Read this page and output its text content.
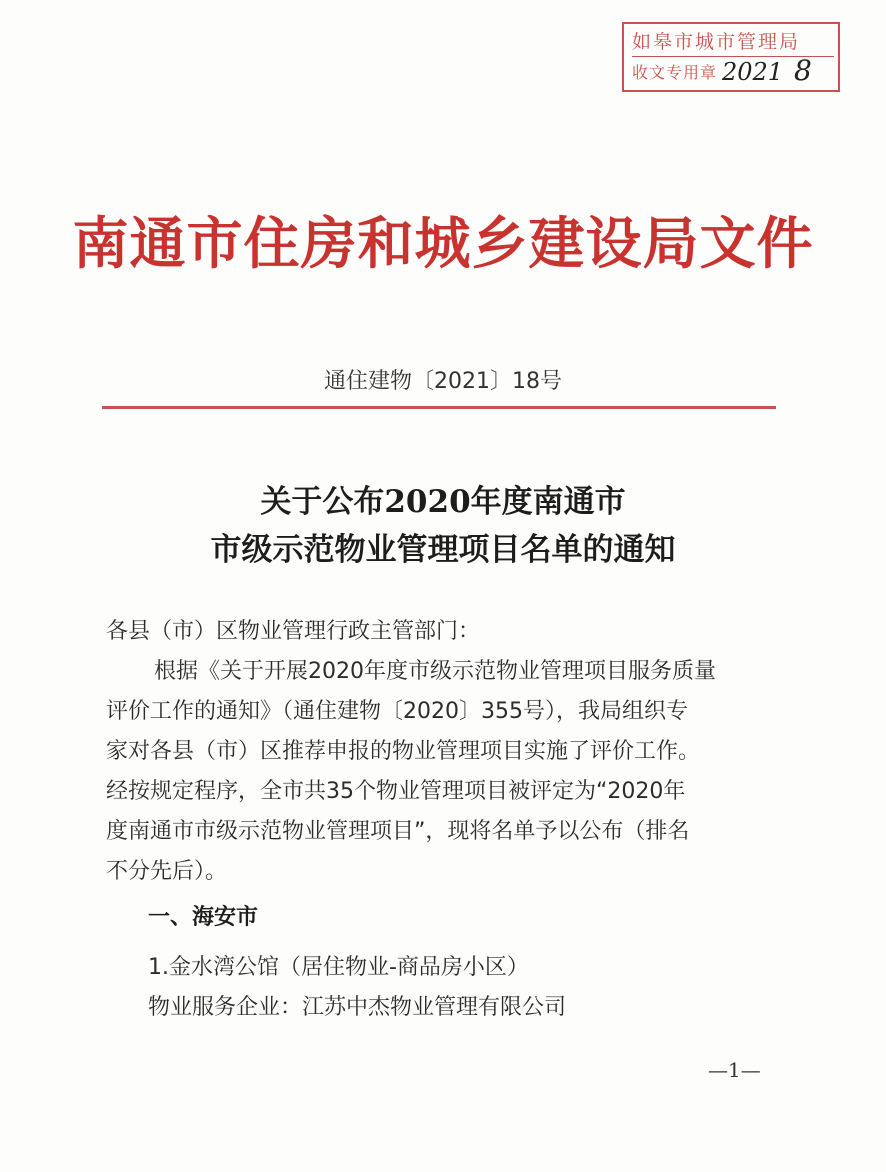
如皋市城市管理局
收文专用章 2021 8
南通市住房和城乡建设局文件
通住建物〔2021〕18号
关于公布2020年度南通市
市级示范物业管理项目名单的通知
各县（市）区物业管理行政主管部门：
根据《关于开展2020年度市级示范物业管理项目服务质量
评价工作的通知》（通住建物〔2020〕355号），我局组织专
家对各县（市）区推荐申报的物业管理项目实施了评价工作。
经按规定程序，全市共35个物业管理项目被评定为“2020年
度南通市市级示范物业管理项目”，现将名单予以公布（排名
不分先后）。
一、海安市
1.金水湾公馆（居住物业-商品房小区）
物业服务企业：江苏中杰物业管理有限公司
—1—
